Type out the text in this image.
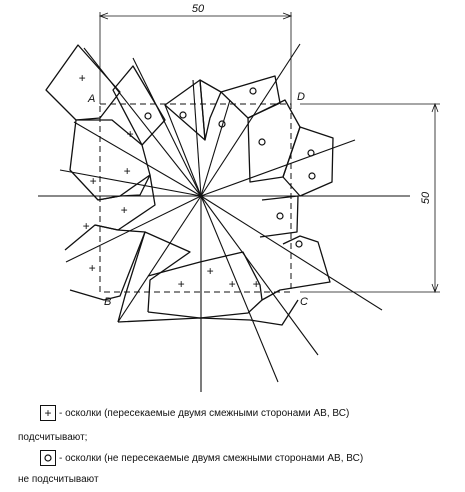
50
50
A	D
B	C
+
+
+
+
+
+
+
+
+
+ +
+ - осколки (пересекаемые двумя смежными сторонами АВ, ВС)
подсчитывают;
- осколки (не пересекаемые двумя смежными сторонами АВ, ВС)
не подсчитывают
